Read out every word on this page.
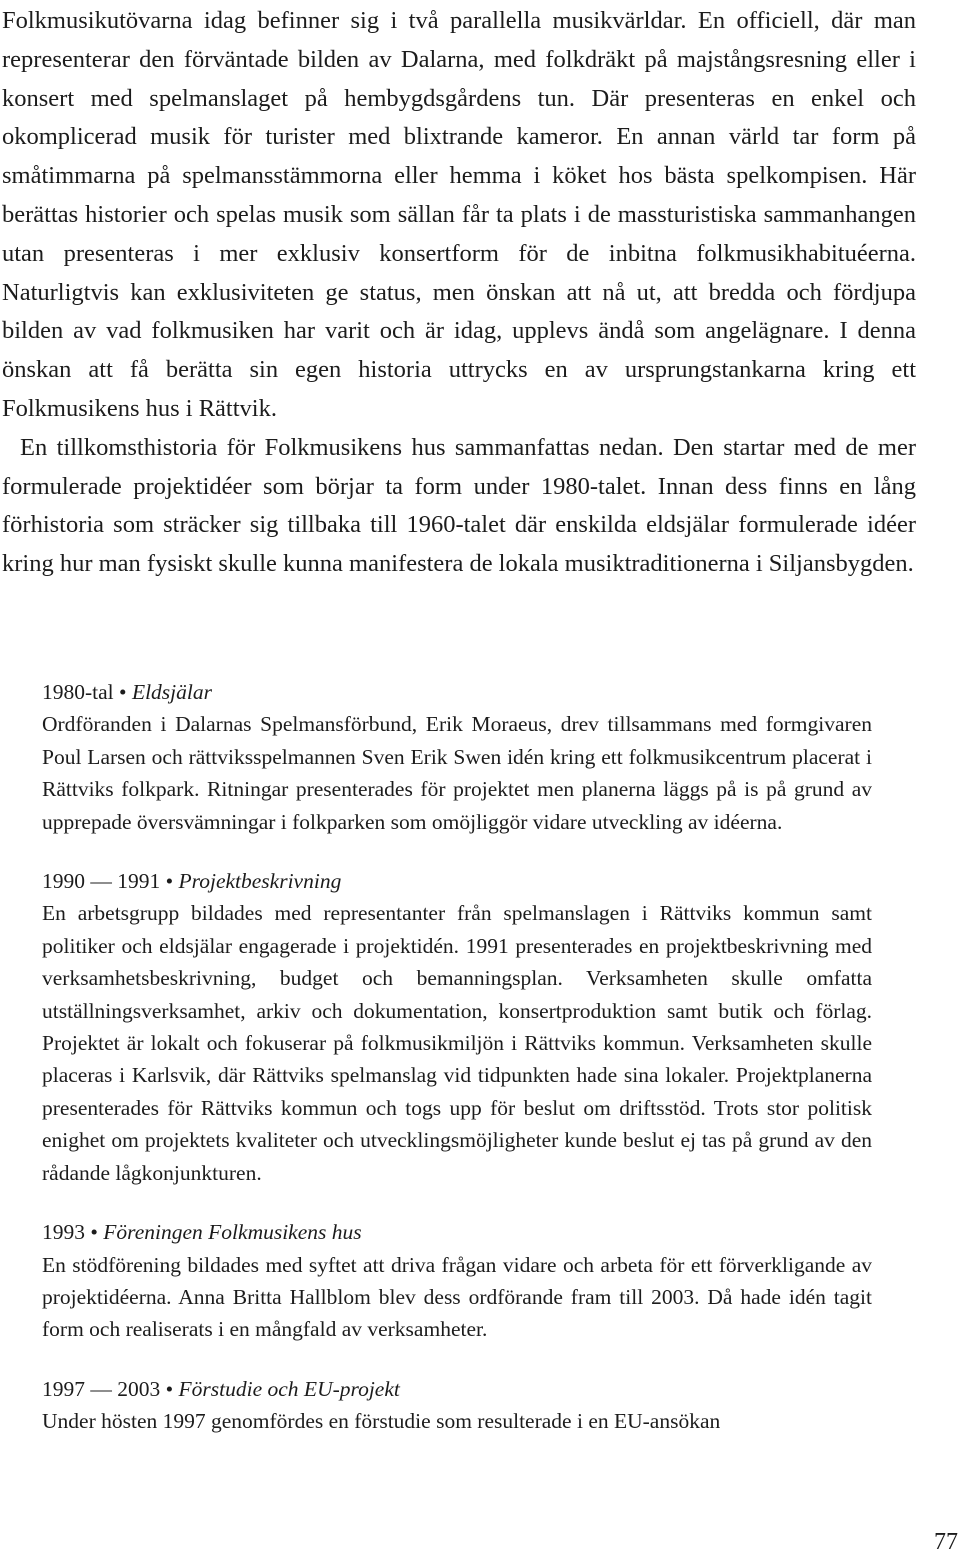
Folkmusikutövarna idag befinner sig i två parallella musikvärldar. En officiell, där man representerar den förväntade bilden av Dalarna, med folkdräkt på majstångsresning eller i konsert med spelmanslaget på hembygdsgårdens tun. Där presenteras en enkel och okomplicerad musik för turister med blixtrande kameror. En annan värld tar form på småtimmarna på spelmansstämmorna eller hemma i köket hos bästa spelkompisen. Här berättas historier och spelas musik som sällan får ta plats i de massturistiska sammanhangen utan presenteras i mer exklusiv konsertform för de inbitna folkmusikhabituéerna. Naturligtvis kan exklusiviteten ge status, men önskan att nå ut, att bredda och fördjupa bilden av vad folkmusiken har varit och är idag, upplevs ändå som angelägnare. I denna önskan att få berätta sin egen historia uttrycks en av ursprungstankarna kring ett Folkmusikens hus i Rättvik.

En tillkomsthistoria för Folkmusikens hus sammanfattas nedan. Den startar med de mer formulerade projektidéer som börjar ta form under 1980-talet. Innan dess finns en lång förhistoria som sträcker sig tillbaka till 1960-talet där enskilda eldsjälar formulerade idéer kring hur man fysiskt skulle kunna manifestera de lokala musiktraditionerna i Siljansbygden.

1980-tal • Eldsjälar

Ordföranden i Dalarnas Spelmansförbund, Erik Moraeus, drev tillsammans med formgivaren Poul Larsen och rättviksspelmannen Sven Erik Swen idén kring ett folkmusikcentrum placerat i Rättviks folkpark. Ritningar presenterades för projektet men planerna läggs på is på grund av upprepade översvämningar i folkparken som omöjliggör vidare utveckling av idéerna.

1990 — 1991 • Projektbeskrivning

En arbetsgrupp bildades med representanter från spelmanslagen i Rättviks kommun samt politiker och eldsjälar engagerade i projektidén. 1991 presenterades en projektbeskrivning med verksamhetsbeskrivning, budget och bemanningsplan. Verksamheten skulle omfatta utställningsverksamhet, arkiv och dokumentation, konsertproduktion samt butik och förlag. Projektet är lokalt och fokuserar på folkmusikmiljön i Rättviks kommun. Verksamheten skulle placeras i Karlsvik, där Rättviks spelmanslag vid tidpunkten hade sina lokaler. Projektplanerna presenterades för Rättviks kommun och togs upp för beslut om driftsstöd. Trots stor politisk enighet om projektets kvaliteter och utvecklingsmöjligheter kunde beslut ej tas på grund av den rådande lågkonjunkturen.

1993 • Föreningen Folkmusikens hus

En stödförening bildades med syftet att driva frågan vidare och arbeta för ett förverkligande av projektidéerna. Anna Britta Hallblom blev dess ordförande fram till 2003. Då hade idén tagit form och realiserats i en mångfald av verksamheter.

1997 — 2003 • Förstudie och EU-projekt

Under hösten 1997 genomfördes en förstudie som resulterade i en EU-ansökan

77
